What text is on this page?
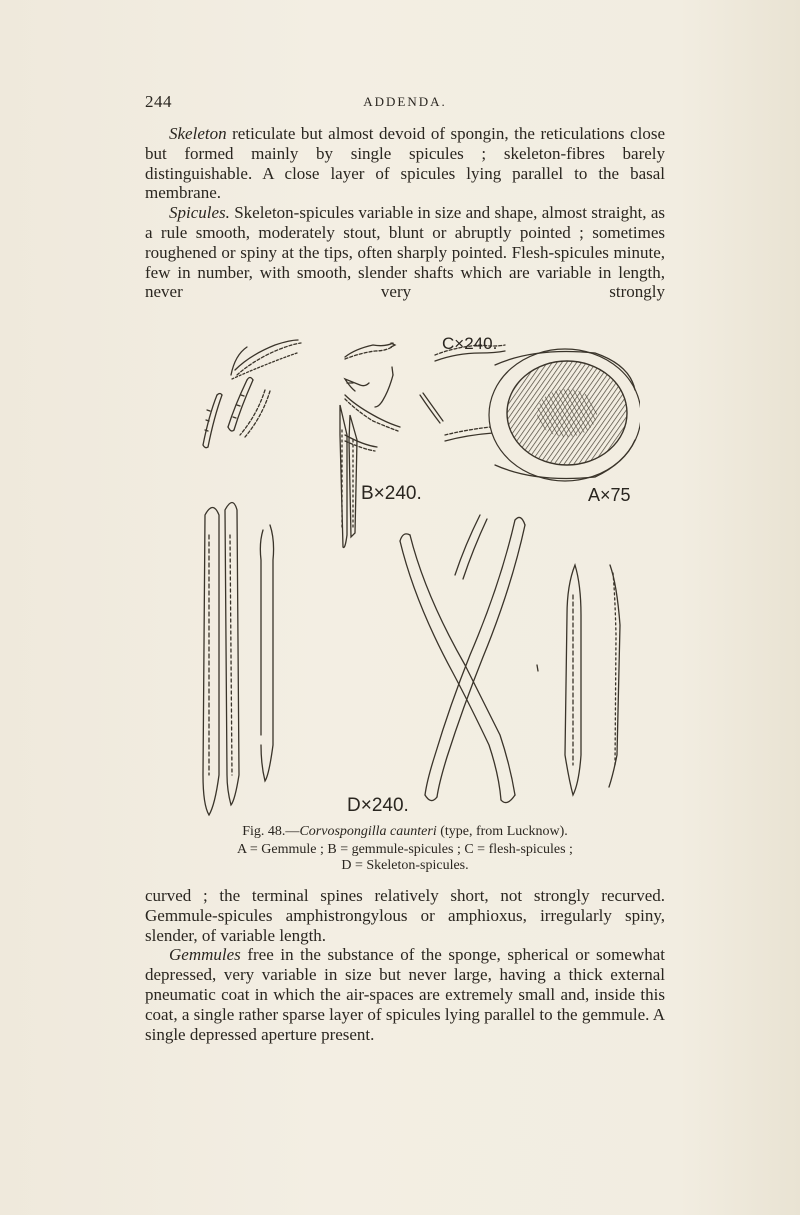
244	ADDENDA.

Skeleton reticulate but almost devoid of spongin, the reticulations close but formed mainly by single spicules ; skeleton-fibres barely distinguishable. A close layer of spicules lying parallel to the basal membrane.

Spicules. Skeleton-spicules variable in size and shape, almost straight, as a rule smooth, moderately stout, blunt or abruptly pointed ; sometimes roughened or spiny at the tips, often sharply pointed. Flesh-spicules minute, few in number, with smooth, slender shafts which are variable in length, never very strongly

C×240.
B×240.	A×75
D×240.
Fig. 48.—Corvospongilla caunteri (type, from Lucknow).
A = Gemmule ; B = gemmule-spicules ; C = flesh-spicules ;
D = Skeleton-spicules.

curved ; the terminal spines relatively short, not strongly recurved. Gemmule-spicules amphistrongylous or amphioxus, irregularly spiny, slender, of variable length.

Gemmules free in the substance of the sponge, spherical or somewhat depressed, very variable in size but never large, having a thick external pneumatic coat in which the air-spaces are extremely small and, inside this coat, a single rather sparse layer of spicules lying parallel to the gemmule. A single depressed aperture present.
